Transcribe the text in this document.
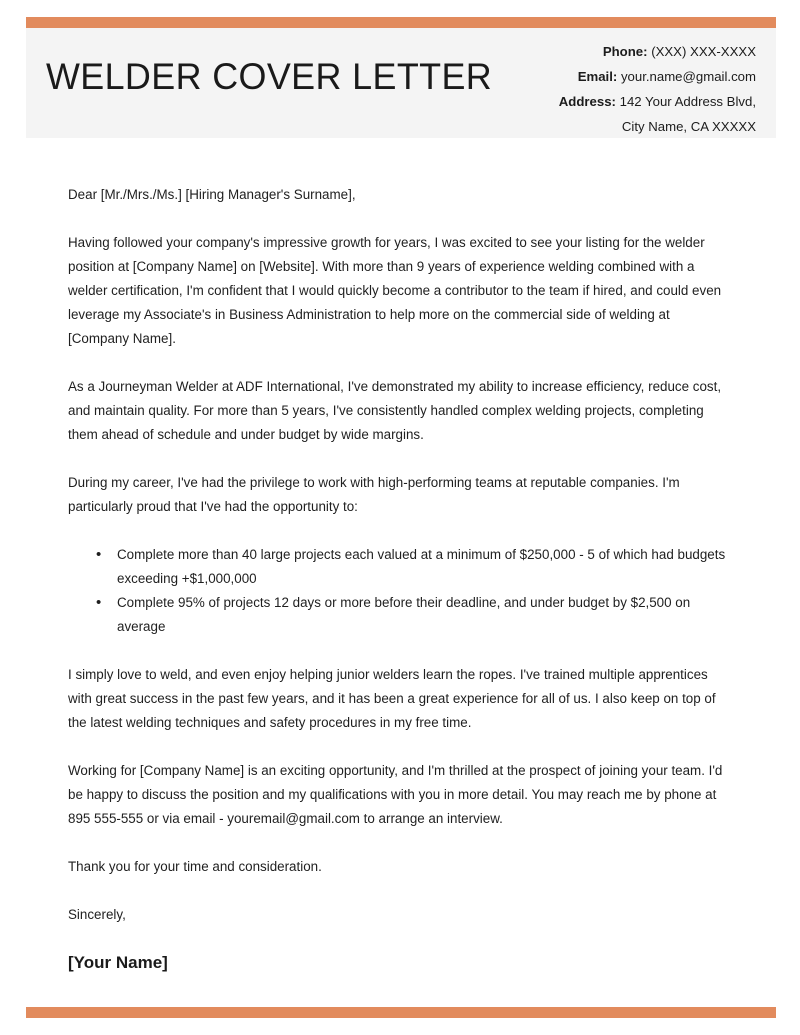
WELDER COVER LETTER
Phone: (XXX) XXX-XXXX
Email: your.name@gmail.com
Address: 142 Your Address Blvd,
City Name, CA XXXXX
Dear [Mr./Mrs./Ms.] [Hiring Manager's Surname],

Having followed your company's impressive growth for years, I was excited to see your listing for the welder position at [Company Name] on [Website]. With more than 9 years of experience welding combined with a welder certification, I'm confident that I would quickly become a contributor to the team if hired, and could even leverage my Associate's in Business Administration to help more on the commercial side of welding at [Company Name].

As a Journeyman Welder at ADF International, I've demonstrated my ability to increase efficiency, reduce cost, and maintain quality. For more than 5 years, I've consistently handled complex welding projects, completing them ahead of schedule and under budget by wide margins.

During my career, I've had the privilege to work with high-performing teams at reputable companies. I'm particularly proud that I've had the opportunity to:

• Complete more than 40 large projects each valued at a minimum of $250,000 - 5 of which had budgets exceeding +$1,000,000
• Complete 95% of projects 12 days or more before their deadline, and under budget by $2,500 on average

I simply love to weld, and even enjoy helping junior welders learn the ropes. I've trained multiple apprentices with great success in the past few years, and it has been a great experience for all of us. I also keep on top of the latest welding techniques and safety procedures in my free time.

Working for [Company Name] is an exciting opportunity, and I'm thrilled at the prospect of joining your team. I'd be happy to discuss the position and my qualifications with you in more detail. You may reach me by phone at 895 555-555 or via email - youremail@gmail.com to arrange an interview.

Thank you for your time and consideration.

Sincerely,

[Your Name]
